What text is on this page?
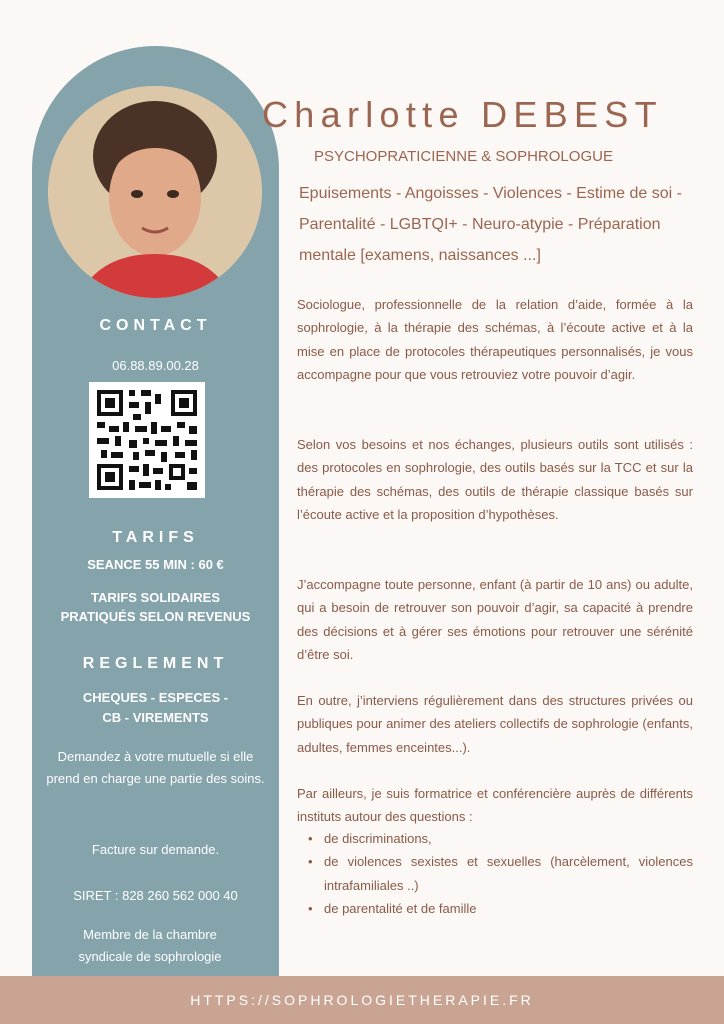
CONTACT
06.88.89.00.28
TARIFS
SEANCE 55 MIN : 60 €
TARIFS SOLIDAIRES
PRATIQUÉS SELON REVENUS
REGLEMENT
CHEQUES - ESPECES -
CB - VIREMENTS
Demandez à votre mutuelle si elle prend en charge une partie des soins.
Facture sur demande.
SIRET : 828 260 562 000 40
Membre de la chambre syndicale de sophrologie
Charlotte DEBEST
PSYCHOPRATICIENNE & SOPHROLOGUE
Epuisements - Angoisses - Violences - Estime de soi - Parentalité - LGBTQI+ - Neuro-atypie - Préparation mentale [examens, naissances ...]

Sociologue, professionnelle de la relation d’aide, formée à la sophrologie, à la thérapie des schémas, à l’écoute active et à la mise en place de protocoles thérapeutiques personnalisés, je vous accompagne pour que vous retrouviez votre pouvoir d’agir.

Selon vos besoins et nos échanges, plusieurs outils sont utilisés : des protocoles en sophrologie, des outils basés sur la TCC et sur la thérapie des schémas, des outils de thérapie classique basés sur l’écoute active et la proposition d’hypothèses.

J’accompagne toute personne, enfant (à partir de 10 ans) ou adulte, qui a besoin de retrouver son pouvoir d’agir, sa capacité à prendre des décisions et à gérer ses émotions pour retrouver une sérénité d’être soi.

En outre, j’interviens régulièrement dans des structures privées ou publiques pour animer des ateliers collectifs de sophrologie (enfants, adultes, femmes enceintes...).

Par ailleurs, je suis formatrice et conférencière auprès de différents instituts autour des questions :

• de discriminations,
• de violences sexistes et sexuelles (harcèlement, violences intrafamiliales ..)
• de parentalité et de famille
HTTPS://SOPHROLOGIETHERAPIE.FR
